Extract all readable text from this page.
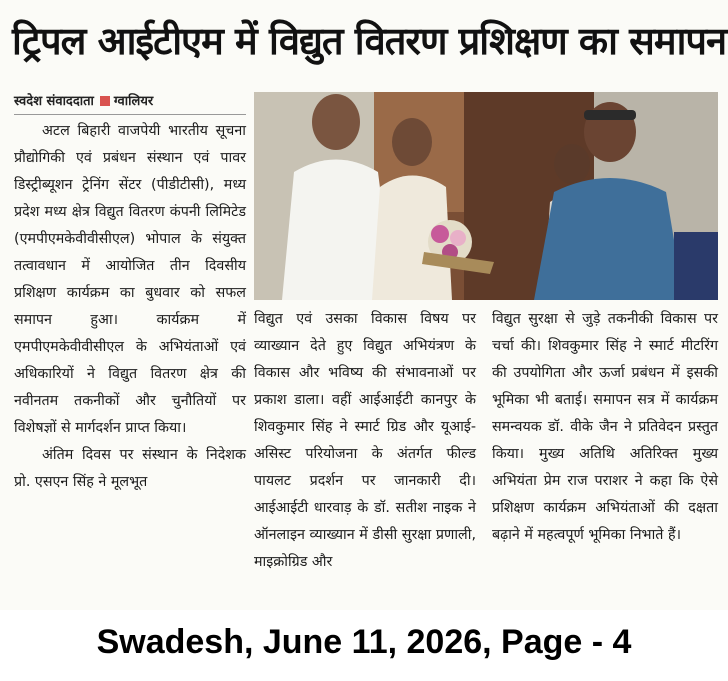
ट्रिपल आईटीएम में विद्युत वितरण प्रशिक्षण का समापन
स्वदेश संवाददाता ग्वालियर

अटल बिहारी वाजपेयी भारतीय सूचना प्रौद्योगिकी एवं प्रबंधन संस्थान एवं पावर डिस्ट्रीब्यूशन ट्रेनिंग सेंटर (पीडीटीसी), मध्य प्रदेश मध्य क्षेत्र विद्युत वितरण कंपनी लिमिटेड (एमपीएमकेवीवीसीएल) भोपाल के संयुक्त तत्वावधान में आयोजित तीन दिवसीय प्रशिक्षण कार्यक्रम का बुधवार को सफल समापन हुआ। कार्यक्रम में एमपीएमकेवीवीसीएल के अभियंताओं एवं अधिकारियों ने विद्युत वितरण क्षेत्र की नवीनतम तकनीकों और चुनौतियों पर विशेषज्ञों से मार्गदर्शन प्राप्त किया।

अंतिम दिवस पर संस्थान के निदेशक प्रो. एसएन सिंह ने मूलभूत

विद्युत एवं उसका विकास विषय पर व्याख्यान देते हुए विद्युत अभियंत्रण के विकास और भविष्य की संभावनाओं पर प्रकाश डाला। वहीं आईआईटी कानपुर के शिवकुमार सिंह ने स्मार्ट ग्रिड और यूआई-असिस्ट परियोजना के अंतर्गत फील्ड पायलट प्रदर्शन पर जानकारी दी। आईआईटी धारवाड़ के डॉ. सतीश नाइक ने ऑनलाइन व्याख्यान में डीसी सुरक्षा प्रणाली, माइक्रोग्रिड और

विद्युत सुरक्षा से जुड़े तकनीकी विकास पर चर्चा की। शिवकुमार सिंह ने स्मार्ट मीटरिंग की उपयोगिता और ऊर्जा प्रबंधन में इसकी भूमिका भी बताई। समापन सत्र में कार्यक्रम समन्वयक डॉ. वीके जैन ने प्रतिवेदन प्रस्तुत किया। मुख्य अतिथि अतिरिक्त मुख्य अभियंता प्रेम राज पराशर ने कहा कि ऐसे प्रशिक्षण कार्यक्रम अभियंताओं की दक्षता बढ़ाने में महत्वपूर्ण भूमिका निभाते हैं।

Swadesh, June 11, 2026, Page - 4
